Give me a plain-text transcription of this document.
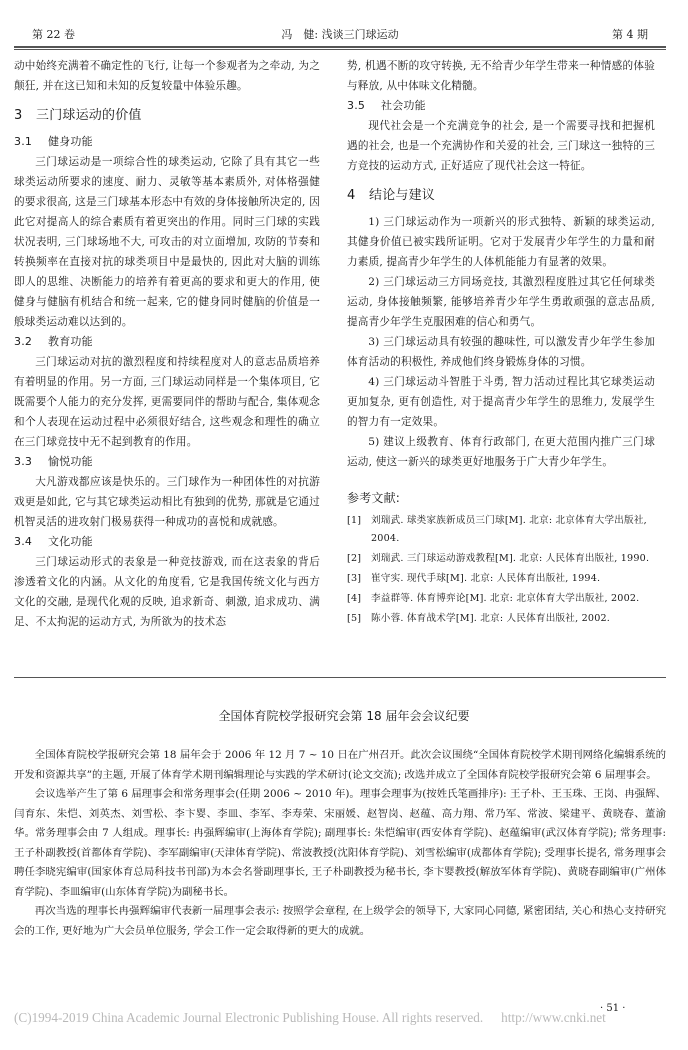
第 22 卷	冯　健: 浅谈三门球运动	第 4 期

动中始终充满着不确定性的飞行, 让每一个参观者为之牵动, 为之颠狂, 并在这已知和未知的反复较量中体验乐趣。

3 三门球运动的价值
3.1 健身功能

三门球运动是一项综合性的球类运动, 它除了具有其它一些球类运动所要求的速度、耐力、灵敏等基本素质外, 对体格强健的要求很高, 这是三门球基本形态中有效的身体接触所决定的, 因此它对提高人的综合素质有着更突出的作用。同时三门球的实践状况表明, 三门球场地不大, 可攻击的对立面增加, 攻防的节奏和转换频率在直接对抗的球类项目中是最快的, 因此对大脑的训练即人的思维、决断能力的培养有着更高的要求和更大的作用, 使健身与健脑有机结合和统一起来, 它的健身同时健脑的价值是一般球类运动难以达到的。

3.2 教育功能

三门球运动对抗的激烈程度和持续程度对人的意志品质培养有着明显的作用。另一方面, 三门球运动同样是一个集体项目, 它既需要个人能力的充分发挥, 更需要同伴的帮助与配合, 集体观念和个人表现在运动过程中必须很好结合, 这些观念和理性的确立在三门球竞技中无不起到教育的作用。

3.3 愉悦功能

大凡游戏都应该是快乐的。三门球作为一种团体性的对抗游戏更是如此, 它与其它球类运动相比有独到的优势, 那就是它通过机智灵活的进攻射门极易获得一种成功的喜悦和成就感。

3.4 文化功能

三门球运动形式的表象是一种竞技游戏, 而在这表象的背后渗透着文化的内涵。从文化的角度看, 它是我国传统文化与西方文化的交融, 是现代化观的反映, 追求新奇、刺激, 追求成功、满足、不太拘泥的运动方式, 为所欲为的技术态

势, 机遇不断的攻守转换, 无不给青少年学生带来一种情感的体验与释放, 从中体味文化精髓。

3.5 社会功能

现代社会是一个充满竞争的社会, 是一个需要寻找和把握机遇的社会, 也是一个充满协作和关爱的社会, 三门球这一独特的三方竞技的运动方式, 正好适应了现代社会这一特征。

4 结论与建议

1) 三门球运动作为一项新兴的形式独特、新颖的球类运动, 其健身价值已被实践所证明。它对于发展青少年学生的力量和耐力素质, 提高青少年学生的人体机能能力有显著的效果。

2) 三门球运动三方同场竞技, 其激烈程度胜过其它任何球类运动, 身体接触频繁, 能够培养青少年学生勇敢顽强的意志品质, 提高青少年学生克服困难的信心和勇气。

3) 三门球运动具有较强的趣味性, 可以激发青少年学生参加体育活动的积极性, 养成他们终身锻炼身体的习惯。

4) 三门球运动斗智胜于斗勇, 智力活动过程比其它球类运动更加复杂, 更有创造性, 对于提高青少年学生的思维力, 发展学生的智力有一定效果。

5) 建议上级教育、体育行政部门, 在更大范围内推广三门球运动, 使这一新兴的球类更好地服务于广大青少年学生。

参考文献:
[1]	刘瑞武. 球类家族新成员三门球[M]. 北京: 北京体育大学出版社, 2004.
[2]	刘瑞武. 三门球运动游戏教程[M]. 北京: 人民体育出版社, 1990.
[3]	崔守实. 现代手球[M]. 北京: 人民体育出版社, 1994.
[4]	李益群等. 体育博弈论[M]. 北京: 北京体育大学出版社, 2002.
[5]	陈小蓉. 体育战术学[M]. 北京: 人民体育出版社, 2002.
全国体育院校学报研究会第 18 届年会会议纪要

全国体育院校学报研究会第 18 届年会于 2006 年 12 月 7 ~ 10 日在广州召开。此次会议围绕“全国体育院校学术期刊网络化编辑系统的开发和资源共享”的主题, 开展了体育学术期刊编辑理论与实践的学术研讨(论文交流); 改选并成立了全国体育院校学报研究会第 6 届理事会。

会议选举产生了第 6 届理事会和常务理事会(任期 2006 ~ 2010 年)。理事会理事为(按姓氏笔画排序): 王子朴、王玉珠、王岗、冉强辉、闫育东、朱恺、刘英杰、刘雪松、李卞婴、李皿、李军、李寿荣、宋丽媛、赵智岗、赵蕴、高力翔、常乃军、常波、梁建平、黄晓春、董渝华。常务理事会由 7 人组成。理事长: 冉强辉编审(上海体育学院); 副理事长: 朱恺编审(西安体育学院)、赵蕴编审(武汉体育学院); 常务理事: 王子朴副教授(首都体育学院)、李军副编审(天津体育学院)、常波教授(沈阳体育学院)、刘雪松编审(成都体育学院); 受理事长提名, 常务理事会聘任李晓宪编审(国家体育总局科技书刊部)为本会名誉副理事长, 王子朴副教授为秘书长, 李卞婴教授(解放军体育学院)、黄晓春副编审(广州体育学院)、李皿编审(山东体育学院)为副秘书长。

再次当选的理事长冉强辉编审代表新一届理事会表示: 按照学会章程, 在上级学会的领导下, 大家同心同德, 紧密团结, 关心和热心支持研究会的工作, 更好地为广大会员单位服务, 学会工作一定会取得新的更大的成就。

· 51 ·
(C)1994-2019 China Academic Journal Electronic Publishing House. All rights reserved. http://www.cnki.net
